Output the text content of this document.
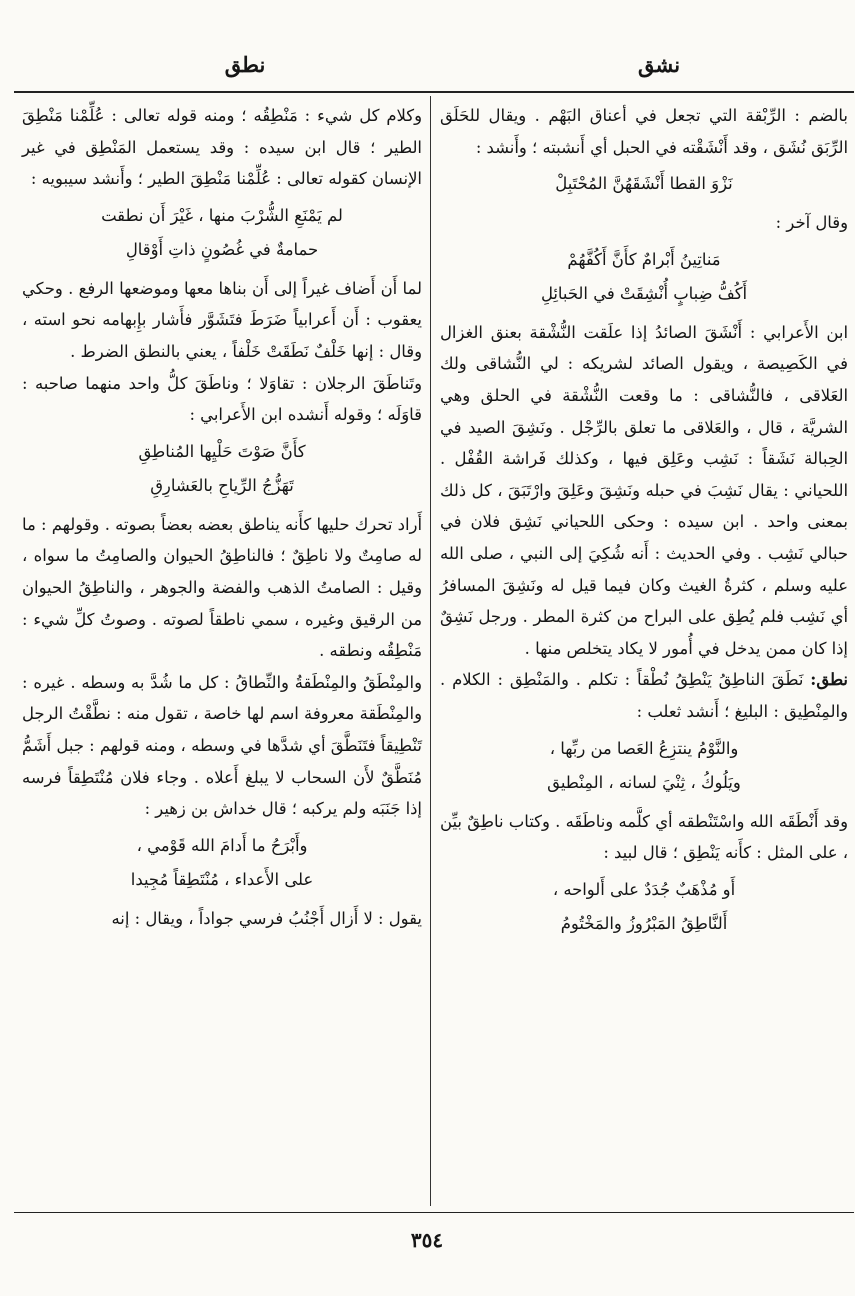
نشق
نطق

بالضم : الرِّبْقة التي تجعل في أعناق البَهْم . ويقال للحَلَق الرِّبَق نُشَق ، وقد أَنْشَقْته في الحبل أي أَنشبته ؛ وأَنشد :

نَزْوَ القطا أَنْشَقَهُنَّ المُحْتَبِلْ

وقال آخر :

مَناتِينُ أَبْرامٌ كأَنَّ أَكُفَّهُمْ
أَكُفُّ ضِبابٍ أُنْشِقَتْ في الحَبائِلِ

ابن الأَعرابي : أَنْشَقَ الصائدُ إذا علَقت النُّشْقة بعنق الغزال في الكَصِيصة ، ويقول الصائد لشريكه : لي النُّشاقى ولك العَلاقى ، فالنُّشاقى : ما وقعت النُّشْقة في الحلق وهي الشريَّة ، قال ، والعَلاقى ما تعلق بالرِّجْل . ونَشِقَ الصيد في الحِبالة نَشَقاً : نَشِب وعَلِق فيها ، وكذلك فَراشة القُفْل . اللحياني : يقال نَشِبَ في حبله ونَشِقَ وعَلِقَ وارْتَبَقَ ، كل ذلك بمعنى واحد . ابن سيده : وحكى اللحياني نَشِق فلان في حبالي نَشِب . وفي الحديث : أَنه شُكِيَ إلى النبي ، صلى الله عليه وسلم ، كثرةُ الغيث وكان فيما قيل له ونَشِقَ المسافرُ أي نَشِب فلم يُطِق على البراح من كثرة المطر . ورجل نَشِقٌ إذا كان ممن يدخل في أُمور لا يكاد يتخلص منها .

نطق: نَطَقَ الناطِقُ يَنْطِقُ نُطْقاً : تكلم . والمَنْطِق : الكلام . والمِنْطِيق : البليغ ؛ أَنشد ثعلب :

والنَّوْمُ ينتزِعُ العَصا من ربِّها ،
ويَلُوكُ ، ثِنْيَ لسانه ، المِنْطيق

وقد أَنْطَقَه الله واسْتَنْطقه أي كلَّمه وناطَقَه . وكتاب ناطِقٌ بيِّن ، على المثل : كأَنه يَنْطِق ؛ قال لبيد :

أَو مُذْهَبٌ جُدَدٌ على أَلواحه ،
أَلنَّاطِقُ المَبْرُوزُ والمَخْتُومُ

وكلام كل شيء : مَنْطِقُه ؛ ومنه قوله تعالى : عُلِّمْنا مَنْطِقَ الطير ؛ قال ابن سيده : وقد يستعمل المَنْطِق في غير الإنسان كقوله تعالى : عُلِّمْنا مَنْطِقَ الطير ؛ وأَنشد سيبويه :

لم يَمْنَعِ الشُّرْبَ منها ، غَيْرَ أَن نطقت
حمامةٌ في غُصُونٍ ذاتِ أَوْقالِ

لما أَن أَضاف غيراً إلى أَن بناها معها وموضعها الرفع . وحكي يعقوب : أَن أَعرابياً ضَرَطَ فتَشَوَّر فأَشار بإِبهامه نحو استه ، وقال : إنها خَلْفٌ نَطَقَتْ خَلْفاً ، يعني بالنطق الضرط .

وتَناطَقَ الرجلان : تقاوَلا ؛ وناطَقَ كلُّ واحد منهما صاحبه : قاوَلَه ؛ وقوله أَنشده ابن الأَعرابي :

كأَنَّ صَوْتَ حَلْيِها المُناطِقِ
تَهَزُّجُ الرِّياحِ بالعَشارِقِ

أَراد تحرك حليها كأَنه يناطق بعضه بعضاً بصوته . وقولهم : ما له صامِتٌ ولا ناطِقٌ ؛ فالناطِقُ الحيوان والصامِتُ ما سواه ، وقيل : الصامتُ الذهب والفضة والجوهر ، والناطِقُ الحيوان من الرقيق وغيره ، سمي ناطقاً لصوته . وصوتُ كلِّ شيء : مَنْطِقُه ونطقه .

والمِنْطَقُ والمِنْطَقةُ والنِّطاقُ : كل ما شُدَّ به وسطه . غيره : والمِنْطَقة معروفة اسم لها خاصة ، تقول منه : نطَّقْتُ الرجل تَنْطِيقاً فتَنَطَّقَ أي شدَّها في وسطه ، ومنه قولهم : جبل أَشَمُّ مُنَطَّقٌ لأَن السحاب لا يبلغ أَعلاه . وجاء فلان مُنْتَطِقاً فرسه إذا جَنَبَه ولم يركبه ؛ قال خداش بن زهير :

وأَبْرَحُ ما أَدامَ الله قَوْمي ،
على الأَعداء ، مُنْتَطِقاً مُجِيدا

يقول : لا أَزال أَجْنُبُ فرسي جواداً ، ويقال : إنه

٣٥٤
